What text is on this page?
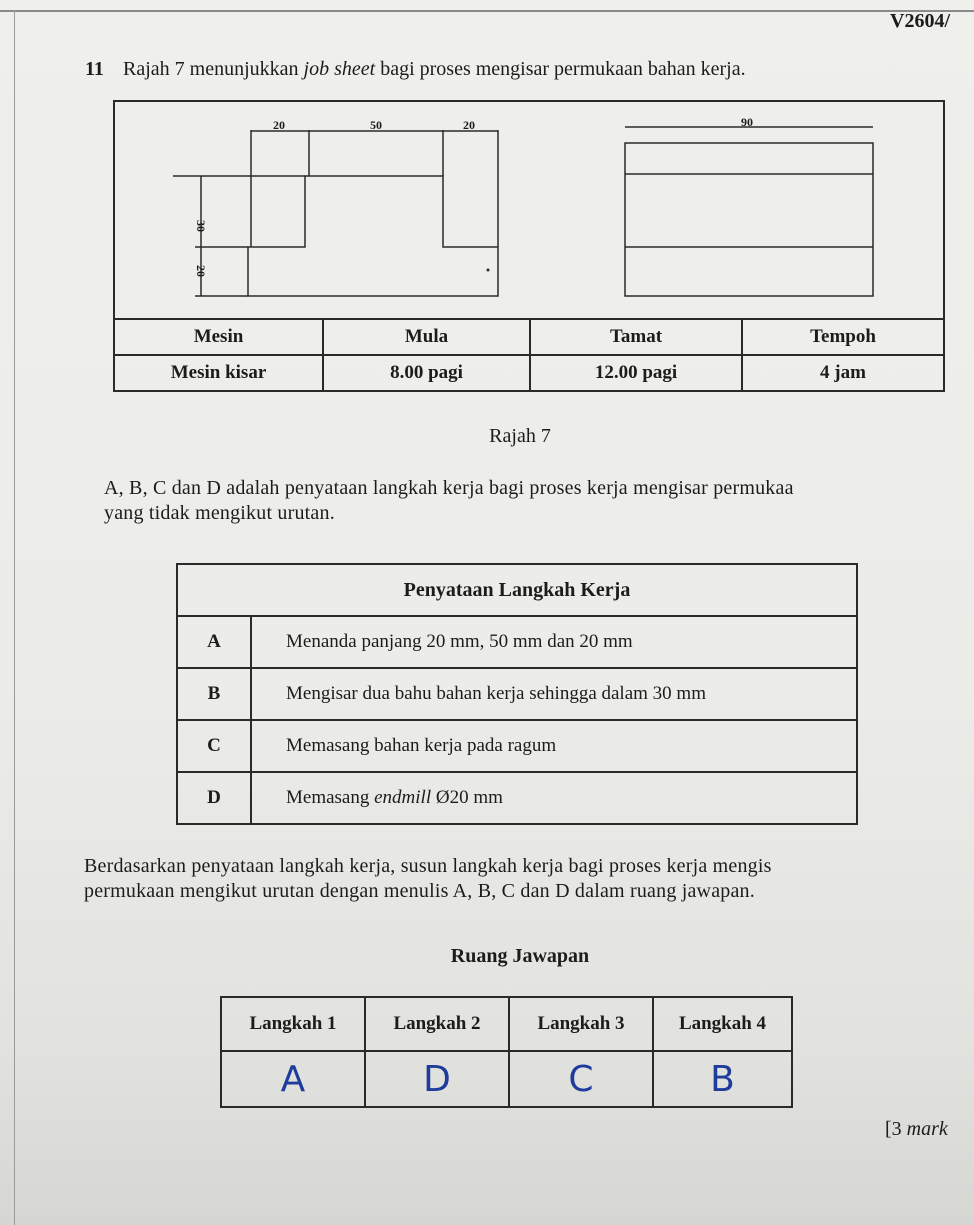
V2604/
11 Rajah 7 menunjukkan job sheet bagi proses mengisar permukaan bahan kerja.
20	50	20
30
20
90
Mesin	Mula	Tamat	Tempoh
Mesin kisar	8.00 pagi	12.00 pagi	4 jam
Rajah 7
A, B, C dan D adalah penyataan langkah kerja bagi proses kerja mengisar permukaa
yang tidak mengikut urutan.
Penyataan Langkah Kerja	
A	Menanda panjang 20 mm, 50 mm dan 20 mm
B	Mengisar dua bahu bahan kerja sehingga dalam 30 mm
C	Memasang bahan kerja pada ragum
D	Memasang endmill Ø20 mm
Berdasarkan penyataan langkah kerja, susun langkah kerja bagi proses kerja mengis
permukaan mengikut urutan dengan menulis A, B, C dan D dalam ruang jawapan.
Ruang Jawapan
Langkah 1	Langkah 2	Langkah 3	Langkah 4
A	D	C	B
[3 mark
